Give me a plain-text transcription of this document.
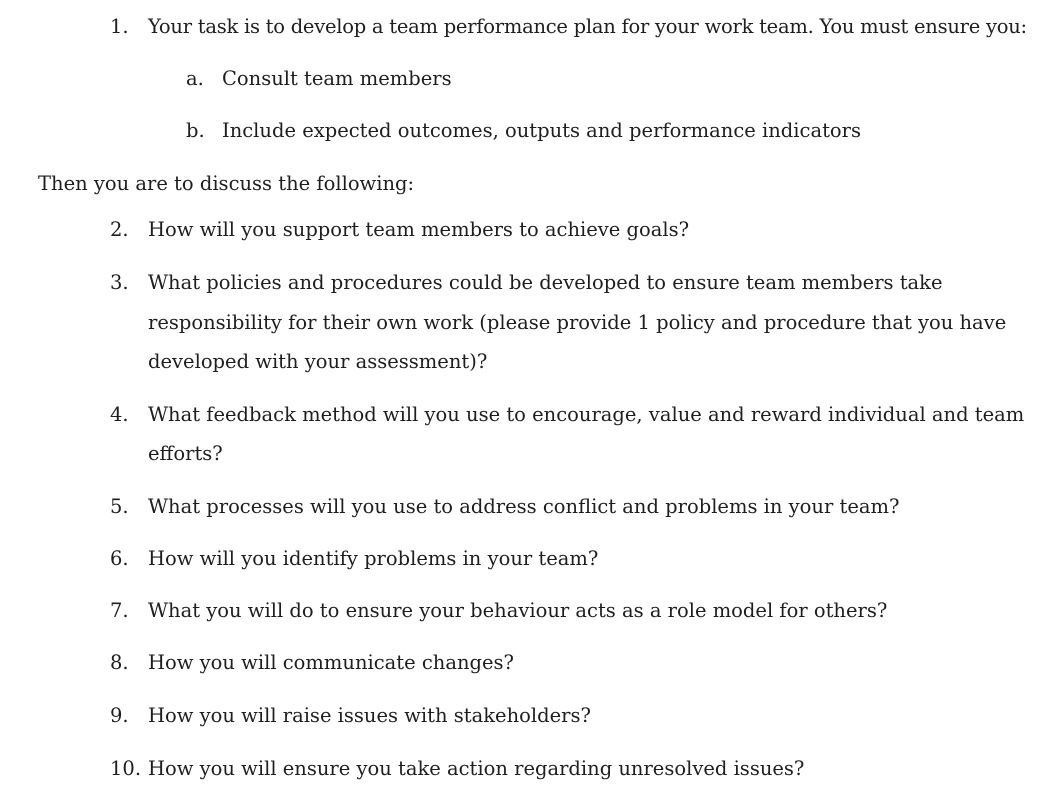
1. Your task is to develop a team performance plan for your work team. You must ensure you:
a. Consult team members
b. Include expected outcomes, outputs and performance indicators
Then you are to discuss the following:
2. How will you support team members to achieve goals?
3. What policies and procedures could be developed to ensure team members take
responsibility for their own work (please provide 1 policy and procedure that you have
developed with your assessment)?
4. What feedback method will you use to encourage, value and reward individual and team
efforts?
5. What processes will you use to address conflict and problems in your team?
6. How will you identify problems in your team?
7. What you will do to ensure your behaviour acts as a role model for others?
8. How you will communicate changes?
9. How you will raise issues with stakeholders?
10. How you will ensure you take action regarding unresolved issues?
